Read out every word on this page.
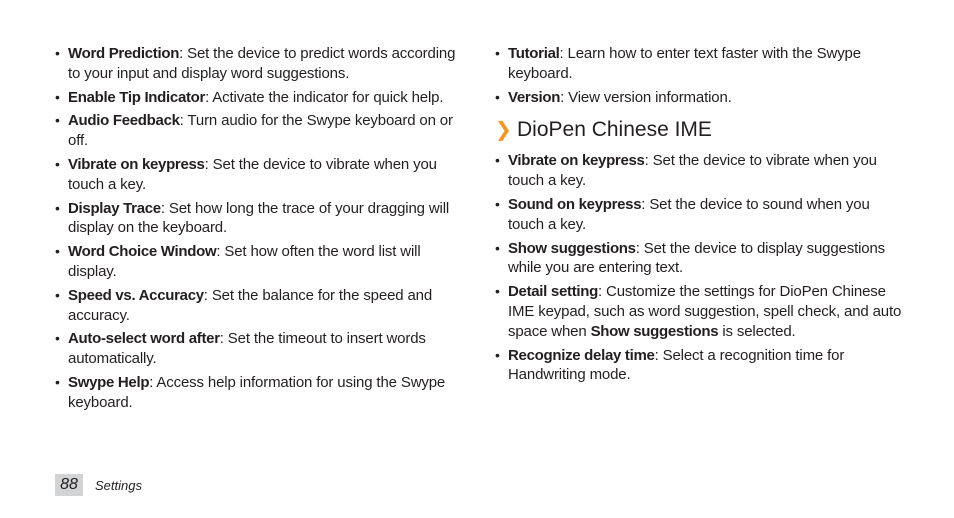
• Word Prediction: Set the device to predict words according to your input and display word suggestions.
• Enable Tip Indicator: Activate the indicator for quick help.
• Audio Feedback: Turn audio for the Swype keyboard on or off.
• Vibrate on keypress: Set the device to vibrate when you touch a key.
• Display Trace: Set how long the trace of your dragging will display on the keyboard.
• Word Choice Window: Set how often the word list will display.
• Speed vs. Accuracy: Set the balance for the speed and accuracy.
• Auto-select word after: Set the timeout to insert words automatically.
• Swype Help: Access help information for using the Swype keyboard.
• Tutorial: Learn how to enter text faster with the Swype keyboard.
• Version: View version information.
❯ DioPen Chinese IME
• Vibrate on keypress: Set the device to vibrate when you touch a key.
• Sound on keypress: Set the device to sound when you touch a key.
• Show suggestions: Set the device to display suggestions while you are entering text.
• Detail setting: Customize the settings for DioPen Chinese IME keypad, such as word suggestion, spell check, and auto space when Show suggestions is selected.
• Recognize delay time: Select a recognition time for Handwriting mode.
88	Settings
